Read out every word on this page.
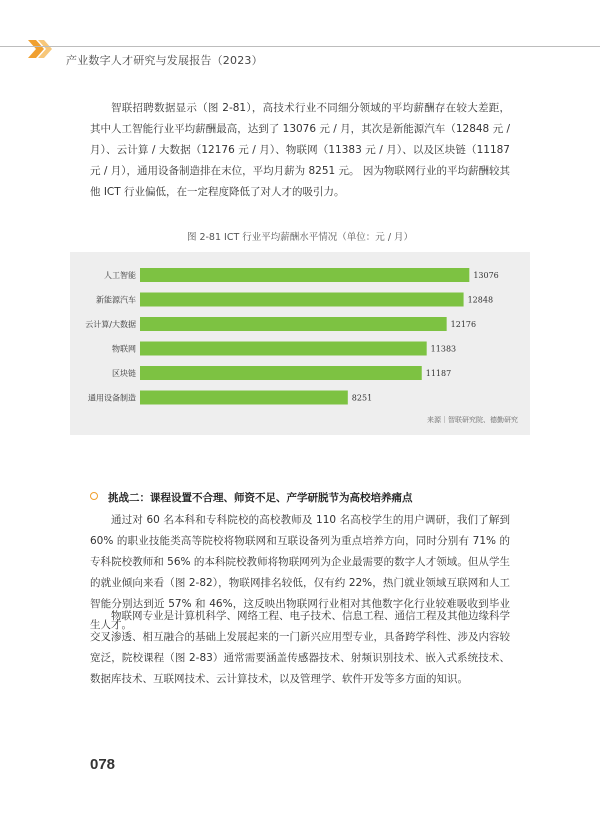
产业数字人才研究与发展报告（2023）

智联招聘数据显示（图 2-81），高技术行业不同细分领域的平均薪酬存在较大差距，其中人工智能行业平均薪酬最高，达到了 13076 元 / 月，其次是新能源汽车（12848 元 / 月）、云计算 / 大数据（12176 元 / 月）、物联网（11383 元 / 月）、以及区块链（11187 元 / 月），通用设备制造排在末位，平均月薪为 8251 元。 因为物联网行业的平均薪酬较其他 ICT 行业偏低，在一定程度降低了对人才的吸引力。

图 2-81 ICT 行业平均薪酬水平情况（单位：元 / 月）
人工智能	13076
新能源汽车	12848
云计算/大数据	12176
物联网	11383
区块链	11187
通用设备制造	8251
来源｜智联研究院、德勤研究
挑战二：课程设置不合理、师资不足、产学研脱节为高校培养痛点

通过对 60 名本科和专科院校的高校教师及 110 名高校学生的用户调研，我们了解到 60% 的职业技能类高等院校将物联网和互联设备列为重点培养方向，同时分别有 71% 的专科院校教师和 56% 的本科院校教师将物联网列为企业最需要的数字人才领域。但从学生的就业倾向来看（图 2-82），物联网排名较低，仅有约 22%，热门就业领域互联网和人工智能分别达到近 57% 和 46%，这反映出物联网行业相对其他数字化行业较难吸收到毕业生人才。

物联网专业是计算机科学、网络工程、电子技术、信息工程、通信工程及其他边缘科学交叉渗透、相互融合的基础上发展起来的一门新兴应用型专业，具备跨学科性、涉及内容较宽泛，院校课程（图 2-83）通常需要涵盖传感器技术、射频识别技术、嵌入式系统技术、数据库技术、互联网技术、云计算技术，以及管理学、软件开发等多方面的知识。

078
